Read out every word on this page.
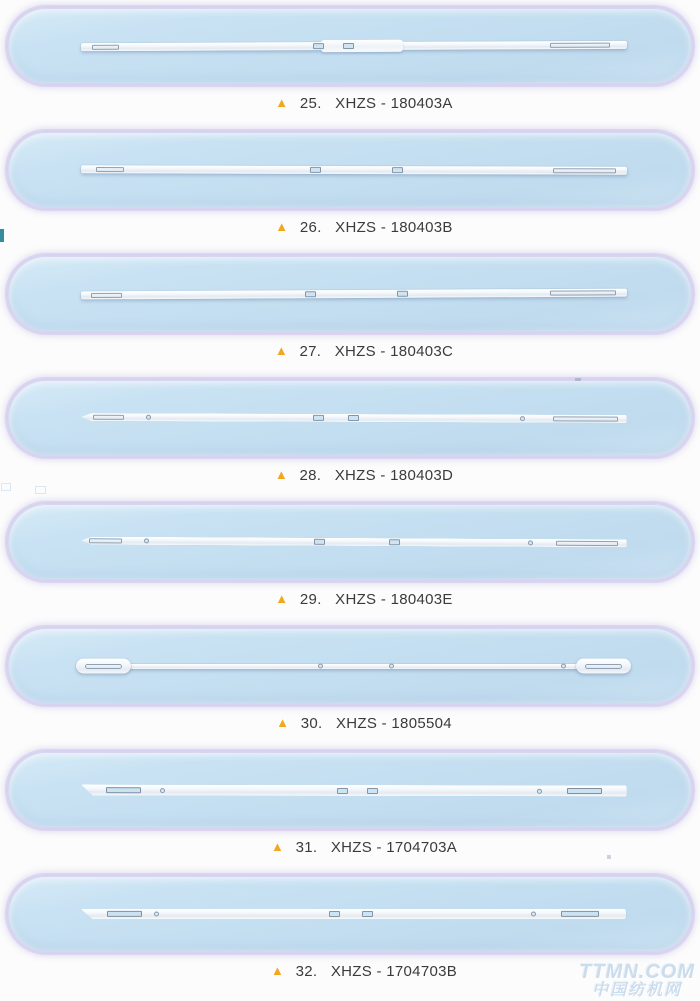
▲ 25. XHZS - 180403A
▲ 26. XHZS - 180403B
▲ 27. XHZS - 180403C
▲ 28. XHZS - 180403D
▲ 29. XHZS - 180403E
▲ 30. XHZS - 1805504
▲ 31. XHZS - 1704703A
▲ 32. XHZS - 1704703B	TTMN.COM
中国纺机网
